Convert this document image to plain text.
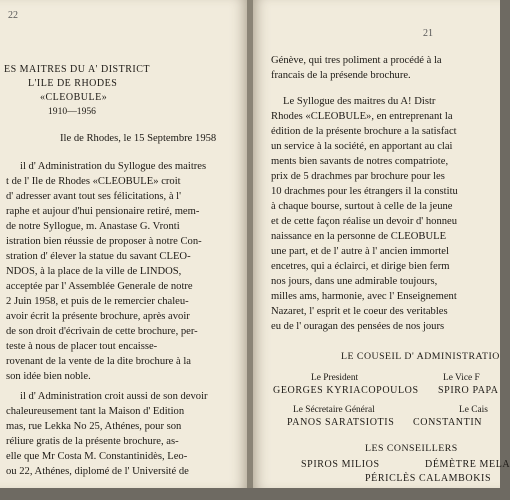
22
ES MAITRES DU A' DISTRICT
L'ILE DE RHODES
«CLEOBULE»
1910—1956
Ile de Rhodes, le 15 Septembre 1958
il d' Administration du Syllogue des maitres
t de l' Ile de Rhodes «CLEOBULE» croit
d' adresser avant tout ses félicitations, à l'
raphe et aujour d'hui pensionaire retiré, mem-
de notre Syllogue, m. Anastase G. Vronti
istration bien réussie de proposer à notre Con-
stration d' élever la statue du savant CLEO-
NDOS, à la place de la ville de LINDOS,
acceptée par l' Assemblée Generale de notre
2 Juin 1958, et puis de le remercier chaleu-
avoir écrit la présente brochure, après avoir
de son droit d'écrivain de cette brochure, per-
teste à nous de placer tout encaisse-
rovenant de la vente de la dite brochure à la
son idée bien noble.
il d' Administration croit aussi de son devoir
chaleureusement tant la Maison d' Edition
mas, rue Lekka No 25, Athénes, pour son
réliure gratis de la présente brochure, as-
elle que Mr Costa M. Constantinidès, Leo-
ou 22, Athénes, diplomé de l' Université de
21
Génève, qui tres poliment a procédé à la
francais de la présende brochure.
Le Syllogue des maitres du A! Distr
Rhodes «CLEOBULE», en entreprenant la
édition de la présente brochure a la satisfact
un service à la société, en apportant au clai
ments bien savants de notres compatriote,
prix de 5 drachmes par brochure pour les
10 drachmes pour les étrangers il la constitu
à chaque bourse, surtout à celle de la jeune
et de cette façon réalise un devoir d' honneu
naissance en la personne de CLEOBULE
une part, et de l' autre à l' ancien immortel
encetres, qui a éclairci, et dirige bien ferm
nos jours, dans une admirable toujours,
milles ams, harmonie, avec l' Enseignement
Nazaret, l' esprit et le coeur des veritables
eu de l' ouragan des pensées de nos jours
LE COUSEIL D' ADMINISTRATIO
Le President
GEORGES KYRIACOPOULOS
Le Vice F
SPIRO PAPA
Le Sécretaire Général
PANOS SARATSIOTIS
Le Cais
CONSTANTIN
LES CONSEILLERS
SPIROS MILIOS	DÉMÈTRE MELA
PÉRICLÈS CALAMBOKIS
